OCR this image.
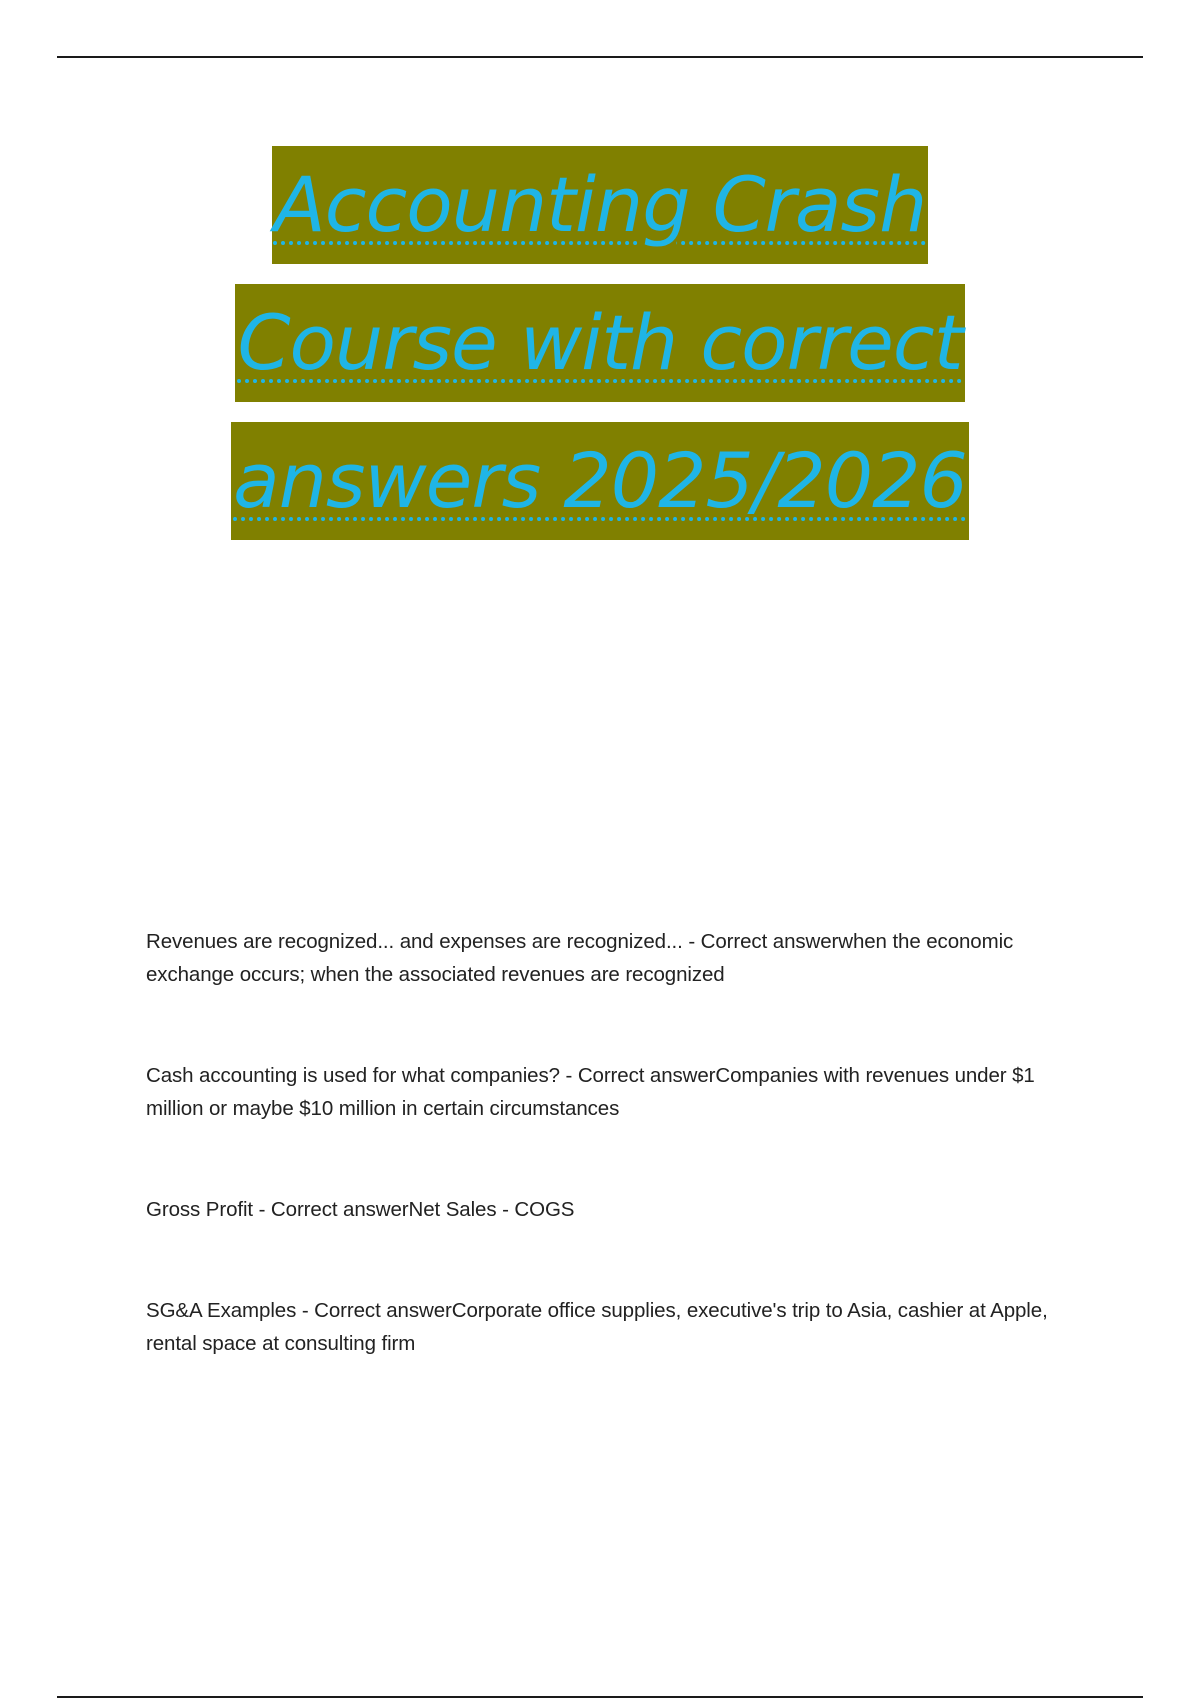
Accounting Crash
Course with correct
answers 2025/2026

Revenues are recognized... and expenses are recognized... - Correct answerwhen the economic exchange occurs; when the associated revenues are recognized

Cash accounting is used for what companies? - Correct answerCompanies with revenues under $1 million or maybe $10 million in certain circumstances

Gross Profit - Correct answerNet Sales - COGS

SG&A Examples - Correct answerCorporate office supplies, executive's trip to Asia, cashier at Apple, rental space at consulting firm
